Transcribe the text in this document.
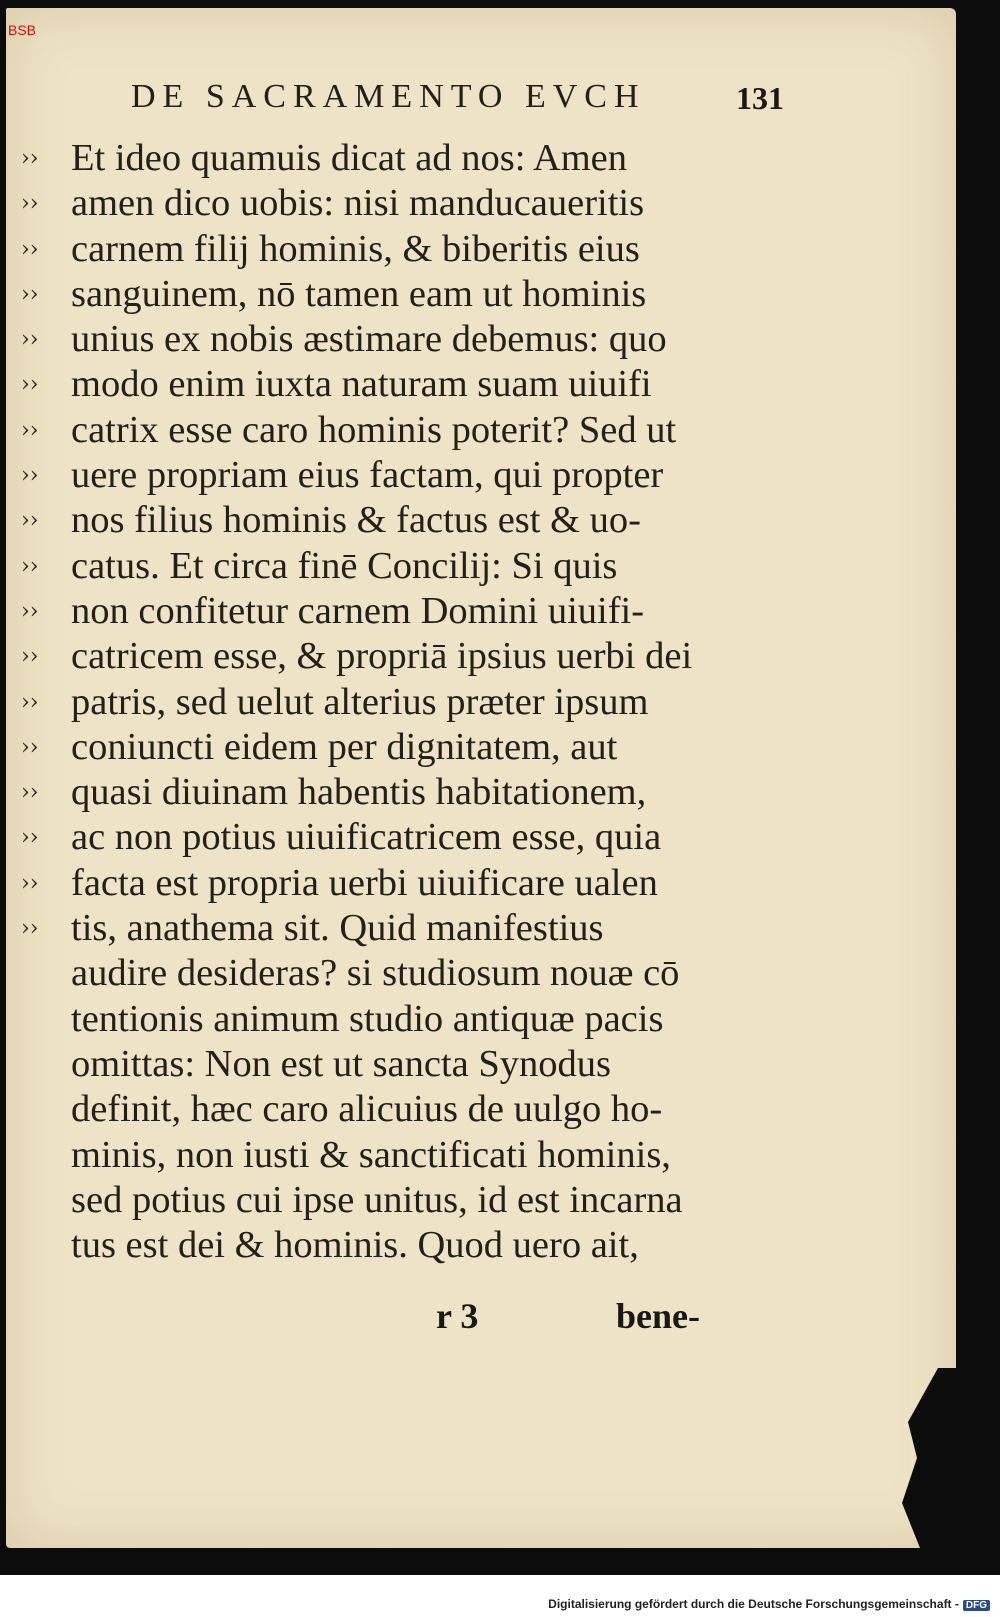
BSB
DE SACRAMENTO EVCH	131
›› Et ideo quamuis dicat ad nos: Amen
›› amen dico uobis: nisi manducaueritis
›› carnem filij hominis, & biberitis eius
›› sanguinem, nō tamen eam ut hominis
›› unius ex nobis æstimare debemus: quo
›› modo enim iuxta naturam suam uiuifi
›› catrix esse caro hominis poterit? Sed ut
›› uere propriam eius factam, qui propter
›› nos filius hominis & factus est & uo‐
›› catus. Et circa finē Concilij: Si quis
›› non confitetur carnem Domini uiuifi‐
›› catricem esse, & propriā ipsius uerbi dei
›› patris, sed uelut alterius præter ipsum
›› coniuncti eidem per dignitatem, aut
›› quasi diuinam habentis habitationem,
›› ac non potius uiuificatricem esse, quia
›› facta est propria uerbi uiuificare ualen
›› tis, anathema sit. Quid manifestius
audire desideras? si studiosum nouæ cō
tentionis animum studio antiquæ pacis
omittas: Non est ut sancta Synodus
definit, hæc caro alicuius de uulgo ho‐
minis, non iusti & sanctificati hominis,
sed potius cui ipse unitus, id est incarna
tus est dei & hominis. Quod uero ait,
r 3	bene‐
Digitalisierung gefördert durch die Deutsche Forschungsgemeinschaft - DFG
